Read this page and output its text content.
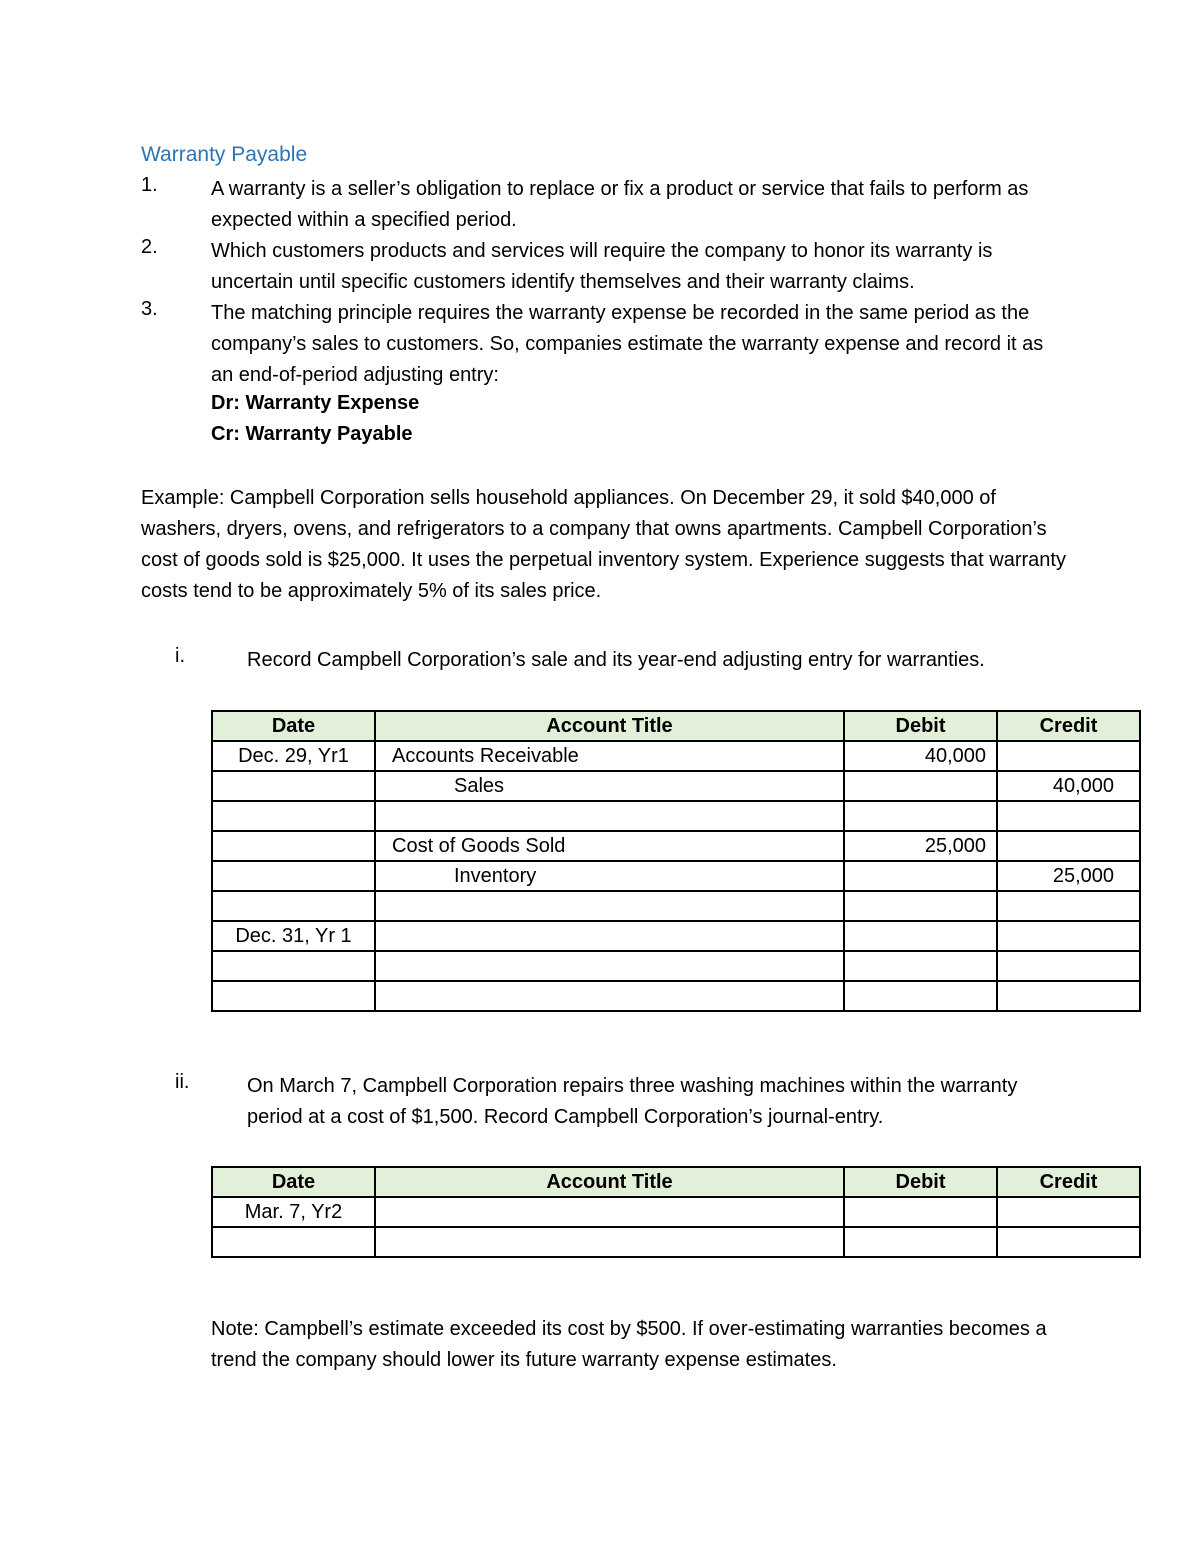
Warranty Payable
1.	A warranty is a seller’s obligation to replace or fix a product or service that fails to perform as expected within a specified period.
2.	Which customers products and services will require the company to honor its warranty is uncertain until specific customers identify themselves and their warranty claims.
3.	The matching principle requires the warranty expense be recorded in the same period as the company’s sales to customers. So, companies estimate the warranty expense and record it as an end-of-period adjusting entry:
Dr: Warranty Expense
Cr: Warranty Payable
Example: Campbell Corporation sells household appliances. On December 29, it sold $40,000 of washers, dryers, ovens, and refrigerators to a company that owns apartments. Campbell Corporation’s cost of goods sold is $25,000. It uses the perpetual inventory system. Experience suggests that warranty costs tend to be approximately 5% of its sales price.
i.	Record Campbell Corporation’s sale and its year-end adjusting entry for warranties.
Date	Account Title	Debit	Credit
Dec. 29, Yr1	Accounts Receivable	40,000	
	Sales		40,000

	Cost of Goods Sold	25,000	
	Inventory		25,000

Dec. 31, Yr 1			

ii.	On March 7, Campbell Corporation repairs three washing machines within the warranty period at a cost of $1,500. Record Campbell Corporation’s journal-entry.
Date	Account Title	Debit	Credit
Mar. 7, Yr2			

Note: Campbell’s estimate exceeded its cost by $500. If over-estimating warranties becomes a trend the company should lower its future warranty expense estimates.
